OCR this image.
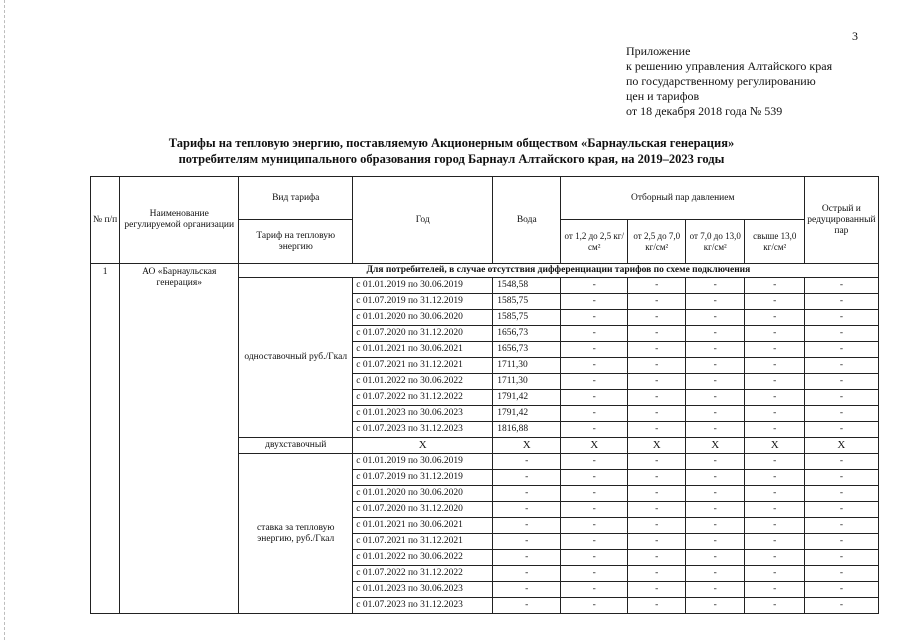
3
Приложение
к решению управления Алтайского края
по государственному регулированию
цен и тарифов
от 18 декабря 2018 года № 539
Тарифы на тепловую энергию, поставляемую Акционерным обществом «Барнаульская генерация»
потребителям муниципального образования город Барнаул Алтайского края, на 2019–2023 годы
№ п/п	Наименование регулируемой организации	Вид тарифа	Год	Вода	Отборный пар давлением				Острый и редуцированный пар
		Тариф на тепловую энергию			от 1,2 до 2,5 кг/см²	от 2,5 до 7,0 кг/см²	от 7,0 до 13,0 кг/см²	свыше 13,0 кг/см²	
1	АО «Барнаульская генерация»	Для потребителей, в случае отсутствия дифференциации тарифов по схеме подключения							
		одноставочный руб./Гкал	с 01.01.2019 по 30.06.2019	1548,58	-	-	-	-	-
			с 01.07.2019 по 31.12.2019	1585,75	-	-	-	-	-
			с 01.01.2020 по 30.06.2020	1585,75	-	-	-	-	-
			с 01.07.2020 по 31.12.2020	1656,73	-	-	-	-	-
			с 01.01.2021 по 30.06.2021	1656,73	-	-	-	-	-
			с 01.07.2021 по 31.12.2021	1711,30	-	-	-	-	-
			с 01.01.2022 по 30.06.2022	1711,30	-	-	-	-	-
			с 01.07.2022 по 31.12.2022	1791,42	-	-	-	-	-
			с 01.01.2023 по 30.06.2023	1791,42	-	-	-	-	-
			с 01.07.2023 по 31.12.2023	1816,88	-	-	-	-	-
		двухставочный	Х	Х	Х	Х	Х	Х	Х
		ставка за тепловую энергию, руб./Гкал	с 01.01.2019 по 30.06.2019	-	-	-	-	-	-
			с 01.07.2019 по 31.12.2019	-	-	-	-	-	-
			с 01.01.2020 по 30.06.2020	-	-	-	-	-	-
			с 01.07.2020 по 31.12.2020	-	-	-	-	-	-
			с 01.01.2021 по 30.06.2021	-	-	-	-	-	-
			с 01.07.2021 по 31.12.2021	-	-	-	-	-	-
			с 01.01.2022 по 30.06.2022	-	-	-	-	-	-
			с 01.07.2022 по 31.12.2022	-	-	-	-	-	-
			с 01.01.2023 по 30.06.2023	-	-	-	-	-	-
			с 01.07.2023 по 31.12.2023	-	-	-	-	-	-
